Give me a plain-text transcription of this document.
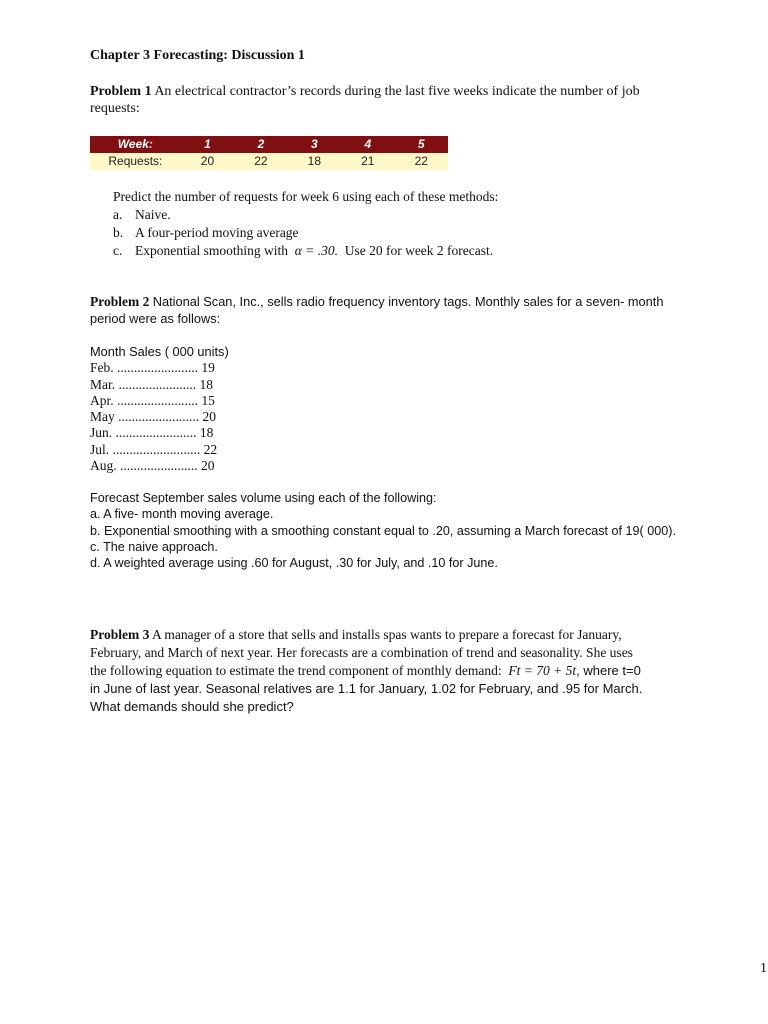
Chapter 3 Forecasting: Discussion 1
Problem 1 An electrical contractor’s records during the last five weeks indicate the number of job requests:
Week:	1	2	3	4	5
Requests:	20	22	18	21	22
Predict the number of requests for week 6 using each of these methods:
a. Naive.
b. A four-period moving average
c. Exponential smoothing with α = .30. Use 20 for week 2 forecast.
Problem 2 National Scan, Inc., sells radio frequency inventory tags. Monthly sales for a seven- month period were as follows:
Month Sales ( 000 units)
Feb. ........................ 19
Mar. ....................... 18
Apr. ........................ 15
May ........................ 20
Jun. ........................ 18
Jul. .......................... 22
Aug. ....................... 20
Forecast September sales volume using each of the following:
a. A five- month moving average.
b. Exponential smoothing with a smoothing constant equal to .20, assuming a March forecast of 19( 000).
c. The naive approach.
d. A weighted average using .60 for August, .30 for July, and .10 for June.
Problem 3 A manager of a store that sells and installs spas wants to prepare a forecast for January, February, and March of next year. Her forecasts are a combination of trend and seasonality. She uses the following equation to estimate the trend component of monthly demand: Ft = 70 + 5t, where t=0 in June of last year. Seasonal relatives are 1.1 for January, 1.02 for February, and .95 for March. What demands should she predict?
1
